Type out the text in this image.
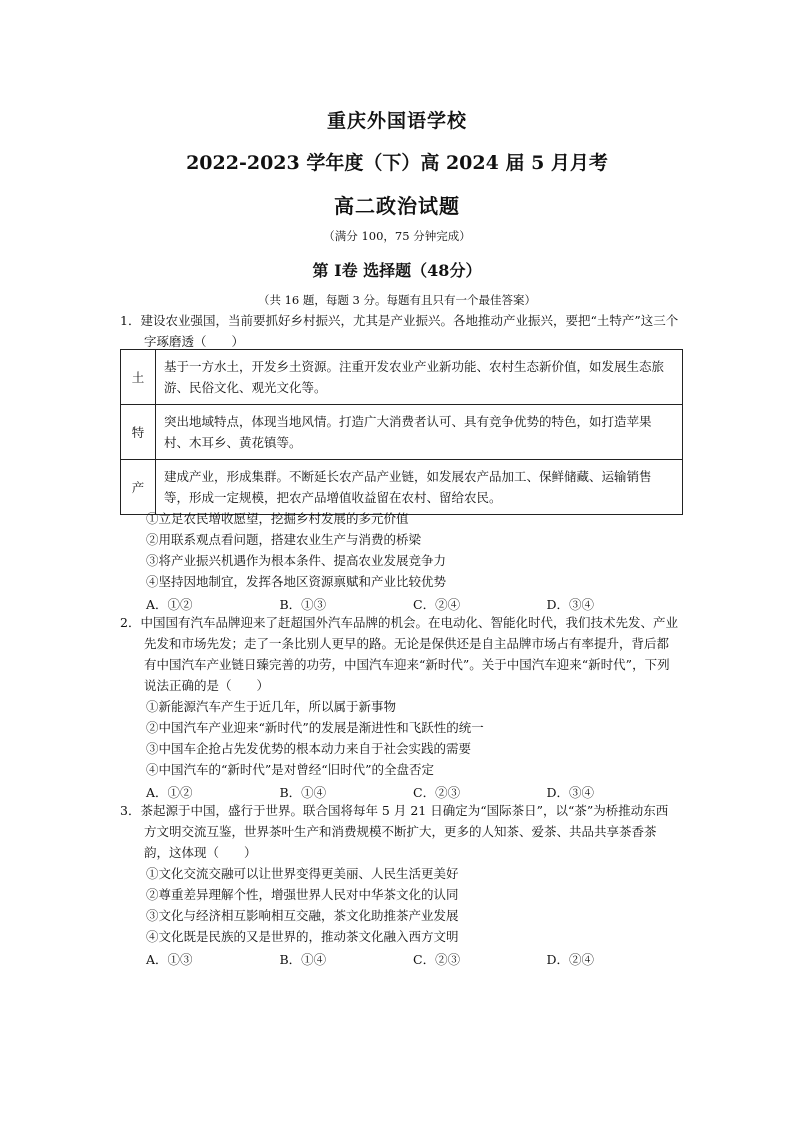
重庆外国语学校
2022-2023 学年度（下）高 2024 届 5 月月考
高二政治试题
（满分 100，75 分钟完成）
第 Ⅰ卷 选择题（48分）
（共 16 题，每题 3 分。每题有且只有一个最佳答案）
1．建设农业强国，当前要抓好乡村振兴，尤其是产业振兴。各地推动产业振兴，要把“土特产”这三个字琢磨透（　　）
土	基于一方水土，开发乡土资源。注重开发农业产业新功能、农村生态新价值，如发展生态旅游、民俗文化、观光文化等。
特	突出地域特点，体现当地风情。打造广大消费者认可、具有竞争优势的特色，如打造苹果村、木耳乡、黄花镇等。
产	建成产业，形成集群。不断延长农产品产业链，如发展农产品加工、保鲜储藏、运输销售等，形成一定规模，把农产品增值收益留在农村、留给农民。
①立足农民增收愿望，挖掘乡村发展的多元价值
②用联系观点看问题，搭建农业生产与消费的桥梁
③将产业振兴机遇作为根本条件、提高农业发展竞争力
④坚持因地制宜，发挥各地区资源禀赋和产业比较优势
A．①②	B．①③	C．②④	D．③④
2．中国国有汽车品牌迎来了赶超国外汽车品牌的机会。在电动化、智能化时代，我们技术先发、产业先发和市场先发；走了一条比别人更早的路。无论是保供还是自主品牌市场占有率提升，背后都有中国汽车产业链日臻完善的功劳，中国汽车迎来“新时代”。关于中国汽车迎来“新时代”，下列说法正确的是（　　）
①新能源汽车产生于近几年，所以属于新事物
②中国汽车产业迎来“新时代”的发展是渐进性和飞跃性的统一
③中国车企抢占先发优势的根本动力来自于社会实践的需要
④中国汽车的“新时代”是对曾经“旧时代”的全盘否定
A．①②	B．①④	C．②③	D．③④
3．茶起源于中国，盛行于世界。联合国将每年 5 月 21 日确定为“国际茶日”，以“茶”为桥推动东西方文明交流互鉴，世界茶叶生产和消费规模不断扩大，更多的人知茶、爱茶、共品共享茶香茶韵，这体现（　　）
①文化交流交融可以让世界变得更美丽、人民生活更美好
②尊重差异理解个性，增强世界人民对中华茶文化的认同
③文化与经济相互影响相互交融，茶文化助推茶产业发展
④文化既是民族的又是世界的，推动茶文化融入西方文明
A．①③	B．①④	C．②③	D．②④
